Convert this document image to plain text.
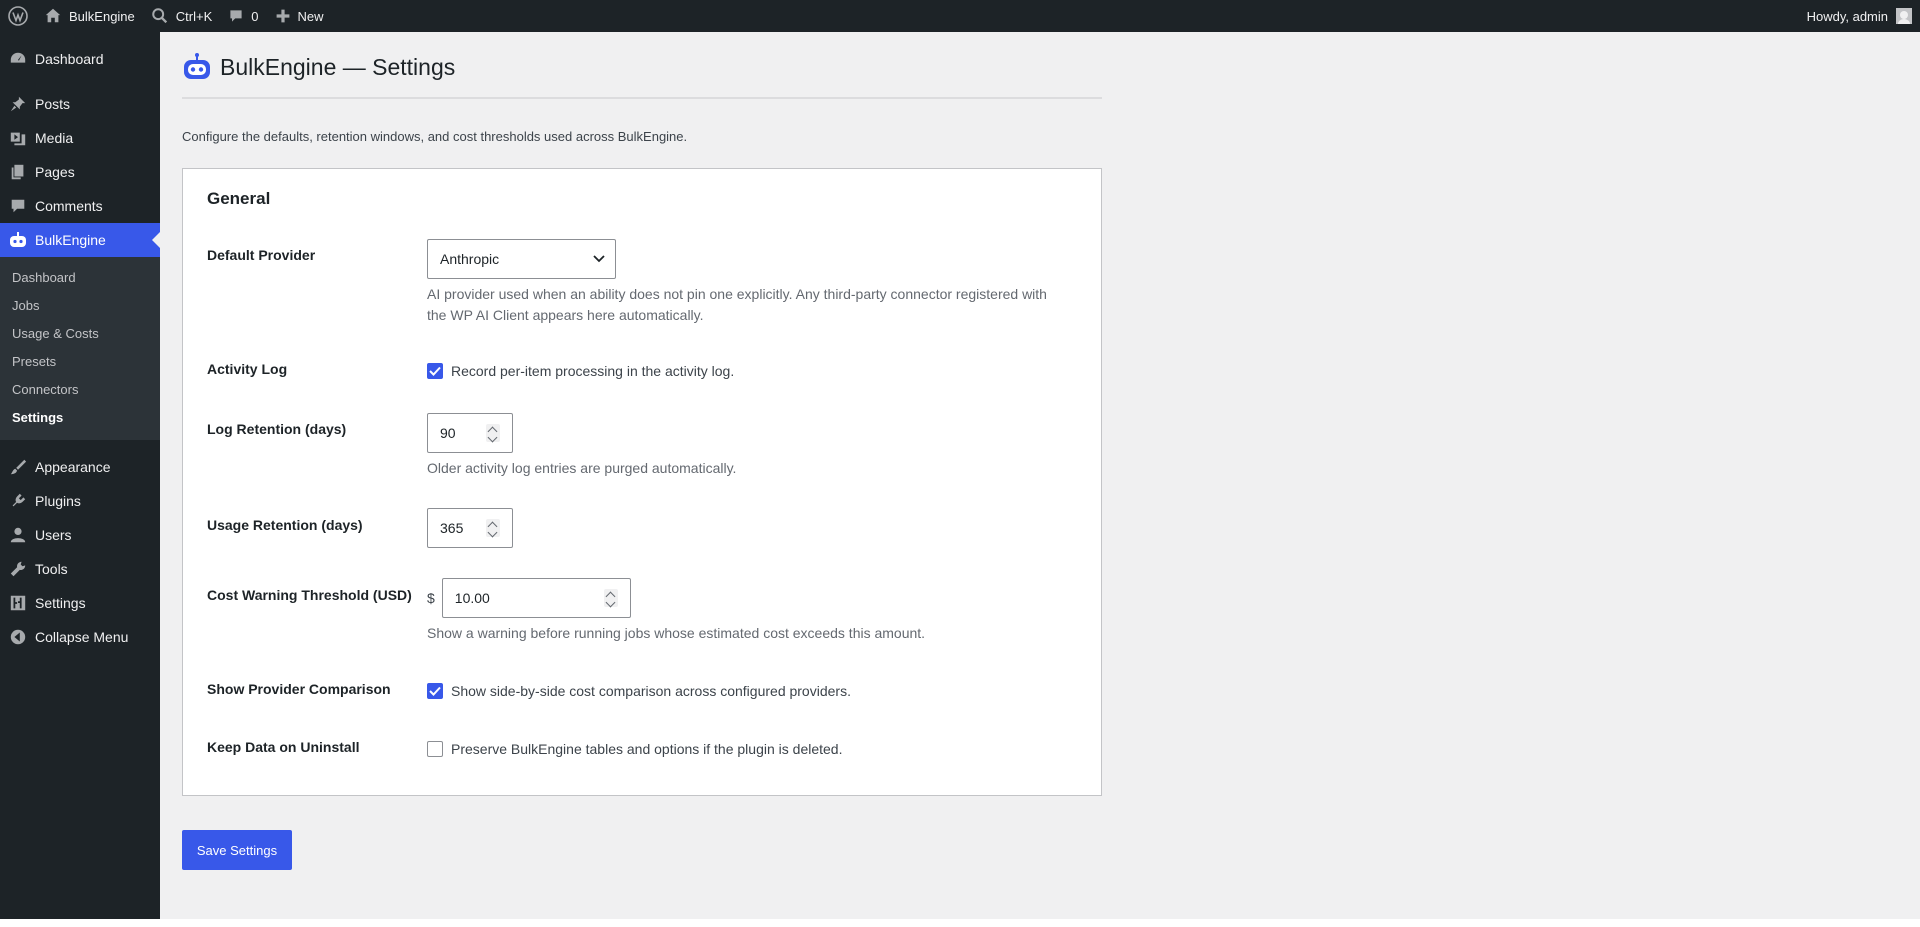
BulkEngine	Ctrl+K	0	New	Howdy, admin
Dashboard
Posts
Media
Pages
Comments
BulkEngine
Dashboard
Jobs
Usage & Costs
Presets
Connectors
Settings
Appearance
Plugins
Users
Tools
Settings
Collapse Menu
BulkEngine — Settings
Configure the defaults, retention windows, and cost thresholds used across BulkEngine.
General
Default Provider	Anthropic
AI provider used when an ability does not pin one explicitly. Any third-party connector registered with
the WP AI Client appears here automatically.
Activity Log	Record per-item processing in the activity log.
Log Retention (days)	90
Older activity log entries are purged automatically.
Usage Retention (days)	365
Cost Warning Threshold (USD) $ 10.00
Show a warning before running jobs whose estimated cost exceeds this amount.
Show Provider Comparison	Show side-by-side cost comparison across configured providers.
Keep Data on Uninstall	Preserve BulkEngine tables and options if the plugin is deleted.
Save Settings
